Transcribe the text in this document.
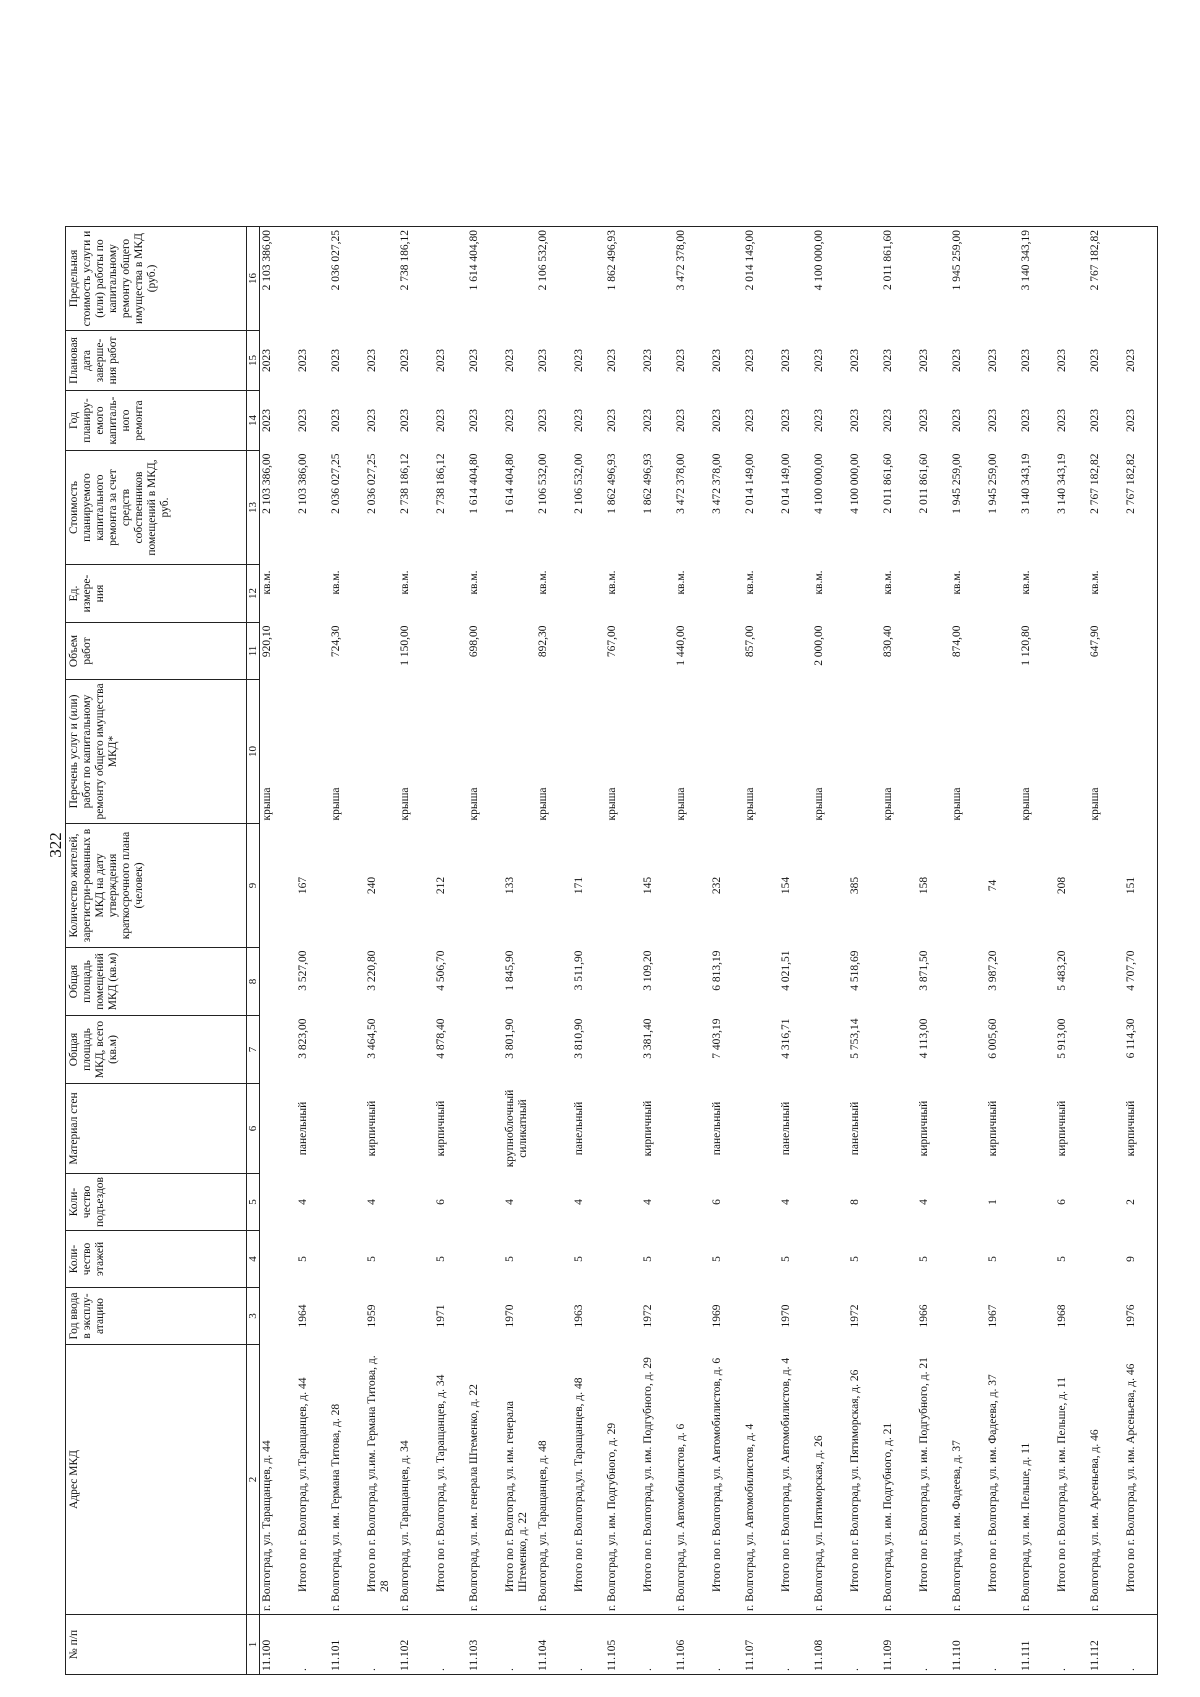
322
№ п/п	Адрес МКД	Год ввода в эксплу-атацию	Коли-чество этажей	Коли-чество подъездов	Материал стен	Общая площадь МКД, всего (кв.м)	Общая площадь помещений МКД (кв.м)	Количество жителей, зарегистри-рованных в МКД на дату утверждения краткосрочного плана (человек)	Перечень услуг и (или) работ по капитальному ремонту общего имущества МКД*	Объем работ	Ед. измере-ния	Стоимость планируемого капитального ремонта за счет средств собственников помещений в МКД, руб.	Год планиру-емого капиталь-ного ремонта	Плановая дата заверше-ния работ	Предельная стоимость услуги и (или) работы по капитальному ремонту общего имущества в МКД (руб.)
1	2	3	4	5	6	7	8	9	10	11	12	13	14	15	16
11.100	г. Волгоград, ул. Таращанцев, д. 44								крыша	920,10	кв.м.	2 103 386,00	2023	2023	2 103 386,00
.	Итого по г. Волгоград, ул.Таращанцев, д. 44	1964	5	4	панельный	3 823,00	3 527,00	167				2 103 386,00	2023	2023	
11.101	г. Волгоград, ул. им. Германа Титова, д. 28								крыша	724,30	кв.м.	2 036 027,25	2023	2023	2 036 027,25
.	Итого по г. Волгоград, ул.им. Германа Титова, д. 28	1959	5	4	кирпичный	3 464,50	3 220,80	240				2 036 027,25	2023	2023	
11.102	г. Волгоград, ул. Таращанцев, д. 34								крыша	1 150,00	кв.м.	2 738 186,12	2023	2023	2 738 186,12
.	Итого по г. Волгоград, ул. Таращанцев, д. 34	1971	5	6	кирпичный	4 878,40	4 506,70	212				2 738 186,12	2023	2023	
11.103	г. Волгоград, ул. им. генерала Штеменко, д. 22								крыша	698,00	кв.м.	1 614 404,80	2023	2023	1 614 404,80
.	Итого по г. Волгоград, ул. им. генерала Штеменко, д. 22	1970	5	4	крупноблочный силикатный	3 801,90	1 845,90	133				1 614 404,80	2023	2023	
11.104	г. Волгоград, ул. Таращанцев, д. 48								крыша	892,30	кв.м.	2 106 532,00	2023	2023	2 106 532,00
.	Итого по г. Волгоград,ул. Таращанцев, д. 48	1963	5	4	панельный	3 810,90	3 511,90	171				2 106 532,00	2023	2023	
11.105	г. Волгоград, ул. им. Подгубного, д. 29								крыша	767,00	кв.м.	1 862 496,93	2023	2023	1 862 496,93
.	Итого по г. Волгоград, ул. им. Подгубного, д. 29	1972	5	4	кирпичный	3 381,40	3 109,20	145				1 862 496,93	2023	2023	
11.106	г. Волгоград, ул. Автомобилистов, д. 6								крыша	1 440,00	кв.м.	3 472 378,00	2023	2023	3 472 378,00
.	Итого по г. Волгоград, ул. Автомобилистов, д. 6	1969	5	6	панельный	7 403,19	6 813,19	232				3 472 378,00	2023	2023	
11.107	г. Волгоград, ул. Автомобилистов, д. 4								крыша	857,00	кв.м.	2 014 149,00	2023	2023	2 014 149,00
.	Итого по г. Волгоград, ул. Автомобилистов, д. 4	1970	5	4	панельный	4 316,71	4 021,51	154				2 014 149,00	2023	2023	
11.108	г. Волгоград, ул. Пятиморская, д. 26								крыша	2 000,00	кв.м.	4 100 000,00	2023	2023	4 100 000,00
.	Итого по г. Волгоград, ул. Пятиморская, д. 26	1972	5	8	панельный	5 753,14	4 518,69	385				4 100 000,00	2023	2023	
11.109	г. Волгоград, ул. им. Подгубного, д. 21								крыша	830,40	кв.м.	2 011 861,60	2023	2023	2 011 861,60
.	Итого по г. Волгоград, ул. им. Подгубного, д. 21	1966	5	4	кирпичный	4 113,00	3 871,50	158				2 011 861,60	2023	2023	
11.110	г. Волгоград, ул. им. Фадеева, д. 37								крыша	874,00	кв.м.	1 945 259,00	2023	2023	1 945 259,00
.	Итого по г. Волгоград, ул. им. Фадеева, д. 37	1967	5	1	кирпичный	6 005,60	3 987,20	74				1 945 259,00	2023	2023	
11.111	г. Волгоград, ул. им. Пельше, д. 11								крыша	1 120,80	кв.м.	3 140 343,19	2023	2023	3 140 343,19
.	Итого по г. Волгоград, ул. им. Пельше, д. 11	1968	5	6	кирпичный	5 913,00	5 483,20	208				3 140 343,19	2023	2023	
11.112	г. Волгоград, ул. им. Арсеньева, д. 46								крыша	647,90	кв.м.	2 767 182,82	2023	2023	2 767 182,82
.	Итого по г. Волгоград, ул. им. Арсеньева, д. 46	1976	9	2	кирпичный	6 114,30	4 707,70	151				2 767 182,82	2023	2023	
